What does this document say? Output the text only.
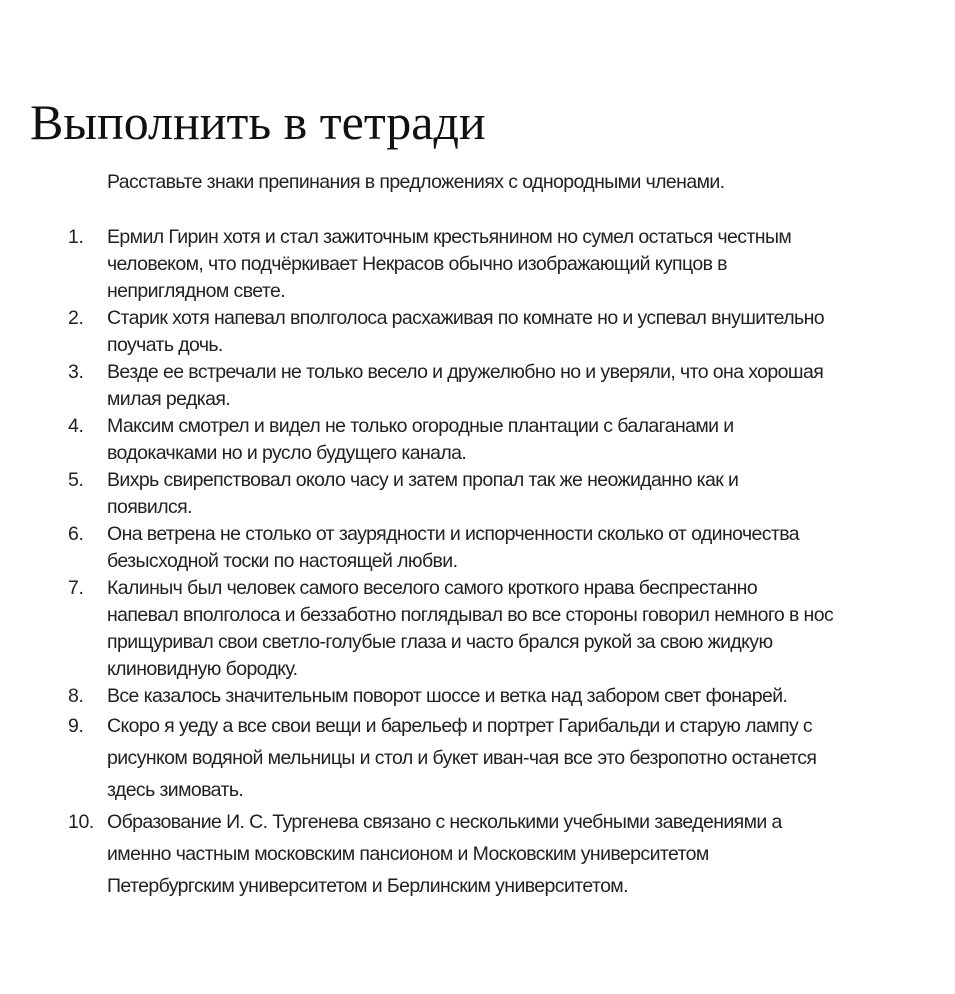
Выполнить в тетради

Расставьте знаки препинания в предложениях с однородными членами.

1. Ермил Гирин хотя и стал зажиточным крестьянином но сумел остаться честным
человеком, что подчёркивает Некрасов обычно изображающий купцов в
неприглядном свете.
2. Старик хотя напевал вполголоса расхаживая по комнате но и успевал внушительно
поучать дочь.
3. Везде ее встречали не только весело и дружелюбно но и уверяли, что она хорошая
милая редкая.
4. Максим смотрел и видел не только огородные плантации с балаганами и
водокачками но и русло будущего канала.
5. Вихрь свирепствовал около часу и затем пропал так же неожиданно как и
появился.
6. Она ветрена не столько от заурядности и испорченности сколько от одиночества
безысходной тоски по настоящей любви.
7. Калиныч был человек самого веселого самого кроткого нрава беспрестанно
напевал вполголоса и беззаботно поглядывал во все стороны говорил немного в нос
прищуривал свои светло-голубые глаза и часто брался рукой за свою жидкую
клиновидную бородку.
8. Все казалось значительным поворот шоссе и ветка над забором свет фонарей.
9. Скоро я уеду а все свои вещи и барельеф и портрет Гарибальди и старую лампу с
рисунком водяной мельницы и стол и букет иван-чая все это безропотно останется
здесь зимовать.
10. Образование И. С. Тургенева связано с несколькими учебными заведениями а
именно частным московским пансионом и Московским университетом
Петербургским университетом и Берлинским университетом.
